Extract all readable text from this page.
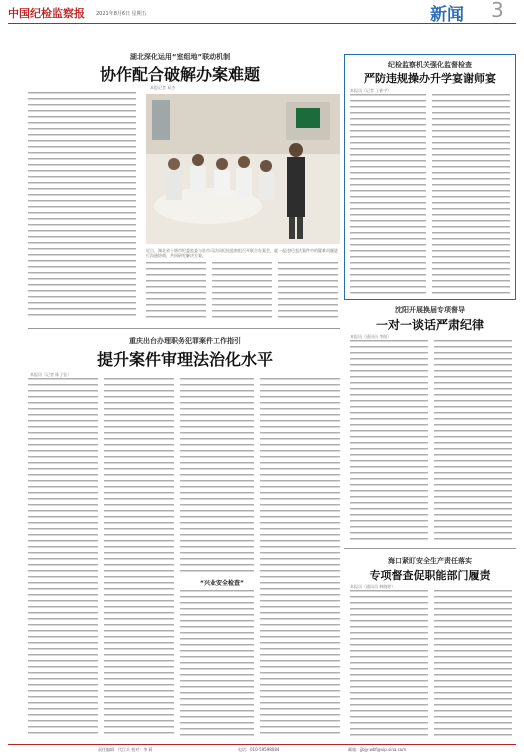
中国纪检监察报 2021年8月6日 星期五	新闻 3
湖北深化运用“室组地”联动机制
协作配合破解办案难题
本报记者 易杰
近日，湖北省十堰市纪委监委与驻市司法局纪检监察组召开联合办案会，就一起违纪违法案件中的疑难问题进行沟通协商，共同研究解决方案。
纪检监察机关强化监督检查
严防违规操办升学宴谢师宴
本报讯（记者 王新宇）
沈阳开展换届专项督导
一对一谈话严肃纪律
本报讯（通讯员 李阳）
重庆出台办理职务犯罪案件工作指引
提升案件审理法治化水平
本报讯（记者 陈子钰）
“兴业安全检查”
海口紧盯安全生产责任落实
专项督查促职能部门履责
本报讯（通讯员 林晓婷）
责任编辑：代江兵 校对：李 莉	电话：010-59598084	邮箱：jjbjy-wbf@vip.sina.com
